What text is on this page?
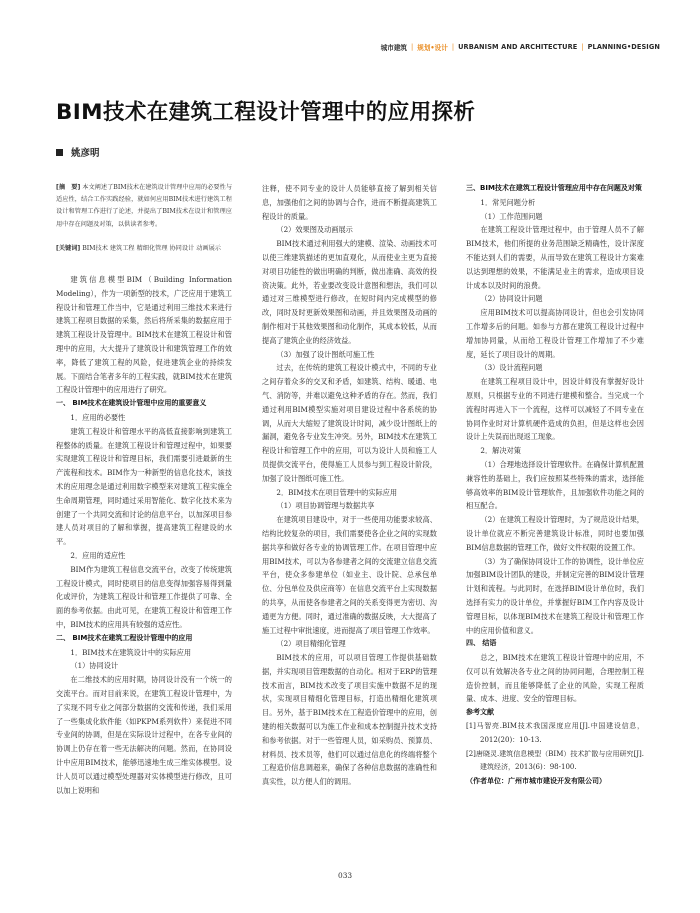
城市建筑 | 规划•设计 | URBANISM AND ARCHITECTURE | PLANNING•DESIGN
BIM技术在建筑工程设计管理中的应用探析
姚彦明

[摘　要] 本文阐述了BIM技术在建筑设计管理中应用的必要性与适应性，结合工作实践经验，就如何应用BIM技术进行建筑工程设计和管理工作进行了论述，并提出了BIM技术在设计和管理应用中存在问题及对策，以供读者参考。

[关键词] BIM技术 建筑工程 精细化管理 协同设计 动画展示

建筑信息模型BIM（Building Information Modeling），作为一项新型的技术，广泛应用于建筑工程设计和管理工作当中，它是通过利用三维技术来进行建筑工程项目数据的采集，然后将所采集的数据应用于建筑工程设计及管理中。BIM技术在建筑工程设计和管理中的应用，大大提升了建筑设计和建筑管理工作的效率，降低了建筑工程的风险，促进建筑企业的持续发展。下面结合笔者多年的工程实践，就BIM技术在建筑工程设计管理中的应用进行了研究。

一、 BIM技术在建筑设计管理中应用的重要意义

1．应用的必要性

建筑工程设计和管理水平的高低直接影响到建筑工程整体的质量。在建筑工程设计和管理过程中，如果要实现建筑工程设计和管理目标，我们需要引进最新的生产流程和技术。BIM作为一种新型的信息化技术，该技术的应用理念是通过利用数字模型来对建筑工程实施全生命周期管理，同时通过采用智能化、数字化技术来为创建了一个共同交流和讨论的信息平台，以加深项目参建人员对项目的了解和掌握，提高建筑工程建设的水平。

2．应用的适应性

BIM作为建筑工程信息交流平台，改变了传统建筑工程设计模式，同时使项目的信息变得加强容易得到量化或评价，为建筑工程设计和管理工作提供了可靠、全面的参考依据。由此可见，在建筑工程设计和管理工作中，BIM技术的应用具有较强的适应性。

二、 BIM技术在建筑工程设计管理中的应用

1．BIM技术在建筑设计中的实际应用

（1）协同设计

在二维技术的应用时期，协同设计没有一个统一的交流平台。而对目前来说，在建筑工程设计管理中，为了实现不同专业之间部分数据的交流和传递，我们采用了一些集成化软件能（如PKPM系列软件）来促进不同专业间的协调，但是在实际设计过程中，在各专业间的协调上仍存在着一些无法解决的问题。然而，在协同设计中应用BIM技术，能够迅速地生成三维实体模型。设计人员可以通过模型处理器对实体模型进行修改，且可以加上说明和

注释，使不同专业的设计人员能够直接了解到相关信息，加强他们之间的协调与合作，进而不断提高建筑工程设计的质量。

（2）效果图及动画展示

BIM技术通过利用强大的建模、渲染、动画技术可以使三维建筑描述的更加直观化，从而使业主更为直接对项目功能性的做出明确的判断，做出准确、高效的投资决策。此外，若业要改变设计意图和想法，我们可以通过对三维模型进行修改，在短时间内完成模型的修改，同时及时更新效果图和动画，并且效果图及动画的制作相对于其他效果图和动化制作，其成本较低，从而提高了建筑企业的经济效益。

（3）加强了设计图纸可施工性

过去，在传统的建筑工程设计模式中，不同的专业之间存着众多的交叉和矛盾，如建筑、结构、暖通、电气、消防等，并难以避免这种矛盾的存在。然而，我们通过利用BIM模型实施对项目建设过程中各系统的协调，从而大大缩短了建筑设计时间，减少设计图纸上的漏洞，避免各专业发生冲突。另外，BIM技术在建筑工程设计和管理工作中的应用，可以为设计人员和施工人员提供交流平台，使得施工人员参与到工程设计阶段，加强了设计图纸可施工性。

2．BIM技术在项目管理中的实际应用

（1）项目协调管理与数据共享

在建筑项目建设中，对于一些使用功能要求较高、结构比较复杂的项目，我们需要使各企业之间的实现数据共享和做好各专业的协调管理工作。在项目管理中应用BIM技术，可以为各参建者之间的交流建立信息交流平台，使众多参建单位（如业主、设计院、总承包单位、分包单位及供应商等）在信息交流平台上实现数据的共享，从而使各参建者之间的关系变得更为密切、沟通更为方便。同时，通过准确的数据反映，大大提高了施工过程中审批速度，进而提高了项目管理工作效率。

（2）项目精细化管理

BIM技术的应用，可以项目管理工作提供基础数据，并实现项目管理数据的自动化。相对于ERP的管理技术而言，BIM技术改变了项目实施中数据不足的现状，实现项目精细化管理目标，打造出精细化建筑项目。另外，基于BIM技术在工程造价管理中的应用，创建的相关数据可以为施工作业和成本控制提升技术支持和参考依据。对于一些管理人员，如采购员、预算员、材料员、技术员等，他们可以通过信息化的终端将整个工程造价信息调超来，确保了各种信息数据的准确性和真实性，以方便人们的调用。

三、BIM技术在建筑工程设计管理应用中存在问题及对策

1．常见问题分析

（1）工作范围问题

在建筑工程设计管理过程中，由于管理人员不了解BIM技术，他们所提的业务范围缺乏精确性，设计深度不能达到人们的需要，从而导致在建筑工程设计方案难以达到理想的效果，不能满足业主的需求，造成项目设计成本以及时间的浪费。

（2）协同设计问题

应用BIM技术可以提高协同设计，但也会引发协同工作增多后的问题。如参与方都在建筑工程设计过程中增加协同量，从而给工程设计管理工作增加了不少难度，延长了项目设计的周期。

（3）设计流程问题

在建筑工程项目设计中，因设计师没有掌握好设计原则，只根据专业的不同进行建模和整合。当完成一个流程时再进入下一个流程，这样可以减轻了不同专业在协同作业时对计算机硬件造成的负担，但是这样也会因设计上失误而出现返工现象。

2．解决对策

（1）合理地选择设计管理软件。在确保计算机配置兼容性的基础上，我们应按照某些特殊的需求，选择能够高效率的BIM设计管理软件，且加强软件功能之间的相互配合。

（2）在建筑工程设计管理时，为了规范设计结果，设计单位就应不断完善建筑设计标准，同时也要加强BIM信息数据的管理工作，做好文件权限的设置工作。

（3）为了确保协同设计工作的协调性，设计单位应加强BIM设计团队的建设，并制定完善的BIM设计管理计划和流程。与此同时，在选择BIM设计单位时，我们选择有实力的设计单位，并掌握好BIM工作内容及设计管理目标，以体现BIM技术在建筑工程设计和管理工作中的应用价值和意义。

四、 结语

总之，BIM技术在建筑工程设计管理中的应用，不仅可以有效解决各专业之间的协同问题，合理控制工程造价控制，而且能够降低了企业的风险，实现工程质量、成本、进度、安全的管理目标。

参考文献

[1]马智亮.BIM技术我国深度应用[J].中国建设信息，2012(20)：10-13.

[2]唐晓灵.建筑信息模型（BIM）技术扩散与应用研究[J].建筑经济，2013(6)：98-100.

（作者单位：广州市城市建设开发有限公司）

033
